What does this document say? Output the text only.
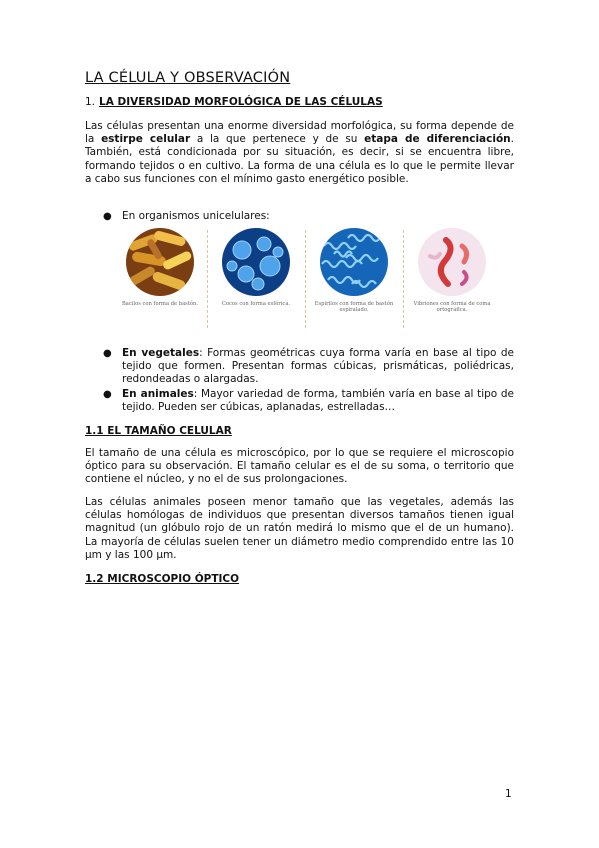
LA CÉLULA Y OBSERVACIÓN
1. LA DIVERSIDAD MORFOLÓGICA DE LAS CÉLULAS

Las células presentan una enorme diversidad morfológica, su forma depende de la estirpe celular a la que pertenece y de su etapa de diferenciación. También, está condicionada por su situación, es decir, si se encuentra libre, formando tejidos o en cultivo. La forma de una célula es lo que le permite llevar a cabo sus funciones con el mínimo gasto energético posible.

● En organismos unicelulares:
Bacilos con forma de bastón.	Cocos con forma esférica.	Espirilos con forma de bastón espiralado.
Vibriones con forma de coma ortográfica.
● En vegetales: Formas geométricas cuya forma varía en base al tipo de tejido que formen. Presentan formas cúbicas, prismáticas, poliédricas, redondeadas o alargadas.
● En animales: Mayor variedad de forma, también varía en base al tipo de tejido. Pueden ser cúbicas, aplanadas, estrelladas…
1.1 EL TAMAÑO CELULAR

El tamaño de una célula es microscópico, por lo que se requiere el microscopio óptico para su observación. El tamaño celular es el de su soma, o territorio que contiene el núcleo, y no el de sus prolongaciones.

Las células animales poseen menor tamaño que las vegetales, además las células homólogas de individuos que presentan diversos tamaños tienen igual magnitud (un glóbulo rojo de un ratón medirá lo mismo que el de un humano). La mayoría de células suelen tener un diámetro medio comprendido entre las 10 µm y las 100 µm.

1.2 MICROSCOPIO ÓPTICO
1
